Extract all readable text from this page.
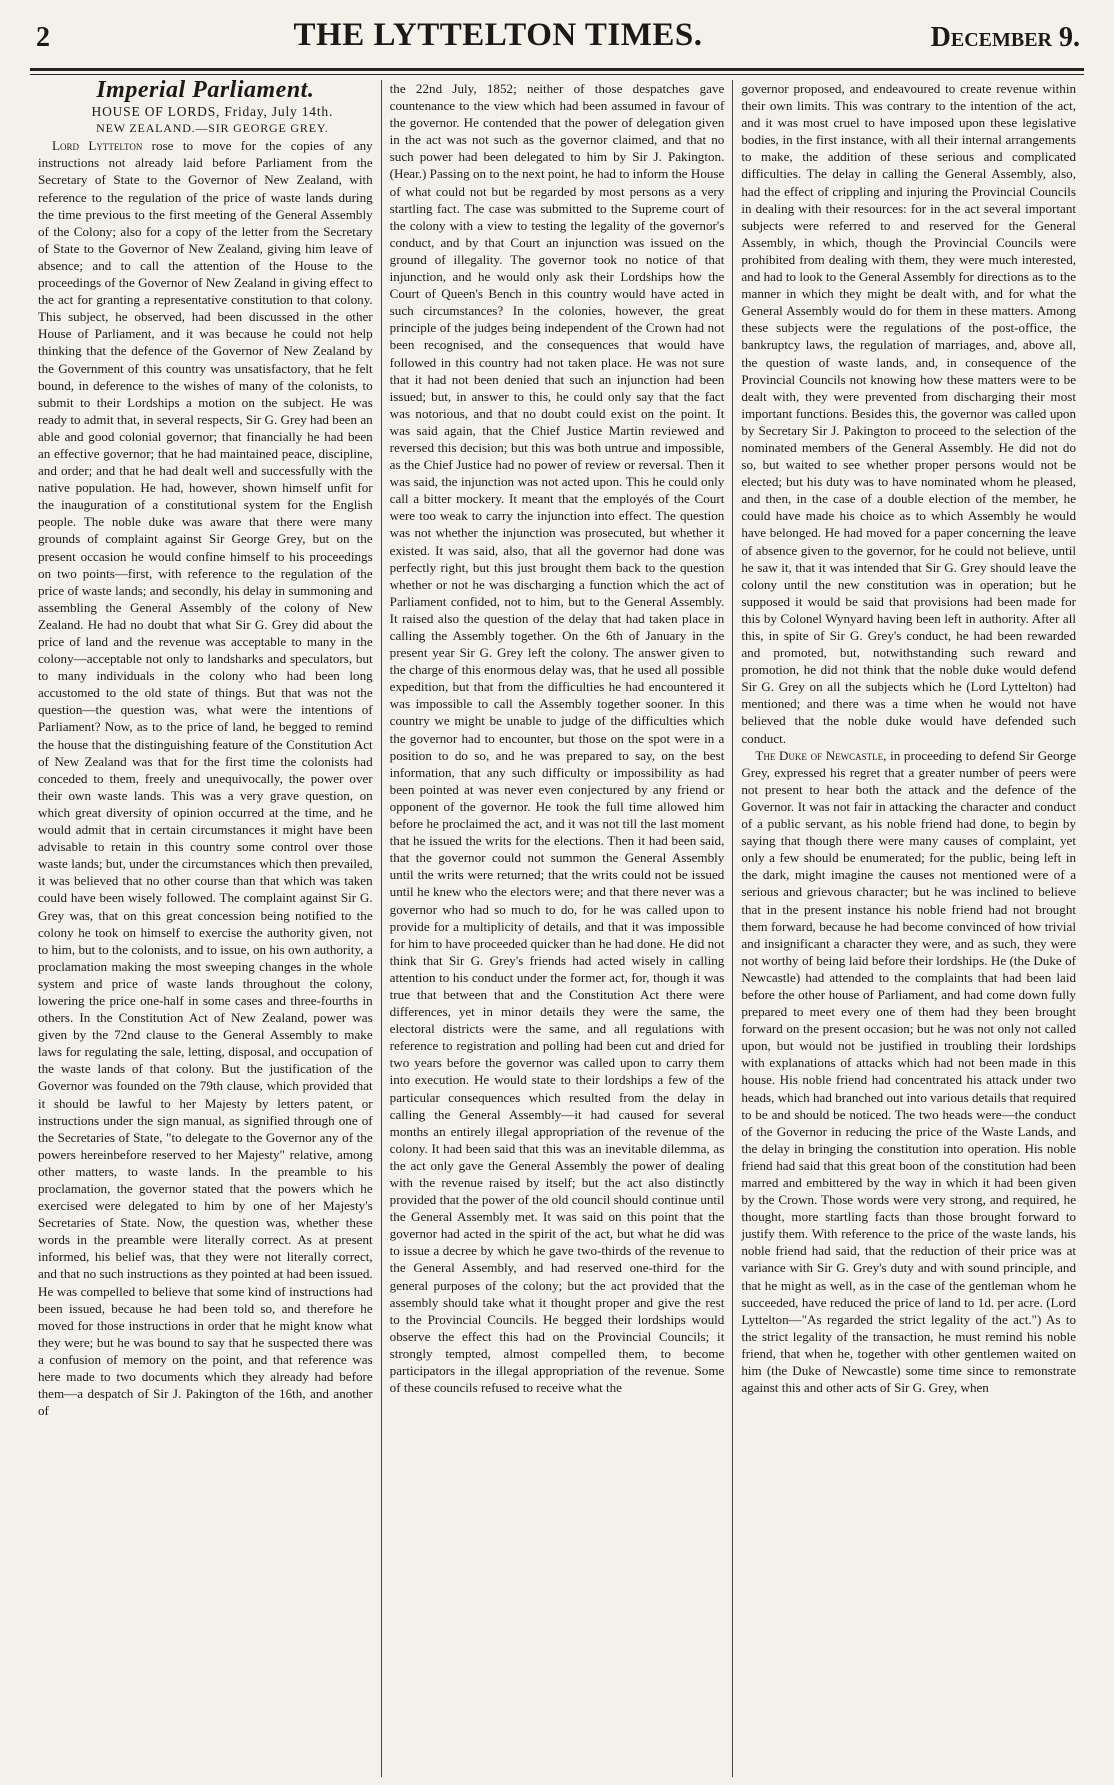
2	THE LYTTELTON TIMES.	December 9.
Imperial Parliament.

HOUSE OF LORDS, Friday, July 14th.

NEW ZEALAND.—SIR GEORGE GREY.

Lord Lyttelton rose to move for the copies of any instructions not already laid before Parliament from the Secretary of State to the Governor of New Zealand, with reference to the regulation of the price of waste lands during the time previous to the first meeting of the General Assembly of the Colony; also for a copy of the letter from the Secretary of State to the Governor of New Zealand, giving him leave of absence; and to call the attention of the House to the proceedings of the Governor of New Zealand in giving effect to the act for granting a representative constitution to that colony. This subject, he observed, had been discussed in the other House of Parliament, and it was because he could not help thinking that the defence of the Governor of New Zealand by the Government of this country was unsatisfactory, that he felt bound, in deference to the wishes of many of the colonists, to submit to their Lordships a motion on the subject. He was ready to admit that, in several respects, Sir G. Grey had been an able and good colonial governor; that financially he had been an effective governor; that he had maintained peace, discipline, and order; and that he had dealt well and successfully with the native population. He had, however, shown himself unfit for the inauguration of a constitutional system for the English people. The noble duke was aware that there were many grounds of complaint against Sir George Grey, but on the present occasion he would confine himself to his proceedings on two points—first, with reference to the regulation of the price of waste lands; and secondly, his delay in summoning and assembling the General Assembly of the colony of New Zealand. He had no doubt that what Sir G. Grey did about the price of land and the revenue was acceptable to many in the colony—acceptable not only to landsharks and speculators, but to many individuals in the colony who had been long accustomed to the old state of things. But that was not the question—the question was, what were the intentions of Parliament? Now, as to the price of land, he begged to remind the house that the distinguishing feature of the Constitution Act of New Zealand was that for the first time the colonists had conceded to them, freely and unequivocally, the power over their own waste lands. This was a very grave question, on which great diversity of opinion occurred at the time, and he would admit that in certain circumstances it might have been advisable to retain in this country some control over those waste lands; but, under the circumstances which then prevailed, it was believed that no other course than that which was taken could have been wisely followed. The complaint against Sir G. Grey was, that on this great concession being notified to the colony he took on himself to exercise the authority given, not to him, but to the colonists, and to issue, on his own authority, a proclamation making the most sweeping changes in the whole system and price of waste lands throughout the colony, lowering the price one-half in some cases and three-fourths in others. In the Constitution Act of New Zealand, power was given by the 72nd clause to the General Assembly to make laws for regulating the sale, letting, disposal, and occupation of the waste lands of that colony. But the justification of the Governor was founded on the 79th clause, which provided that it should be lawful to her Majesty by letters patent, or instructions under the sign manual, as signified through one of the Secretaries of State, "to delegate to the Governor any of the powers hereinbefore reserved to her Majesty" relative, among other matters, to waste lands. In the preamble to his proclamation, the governor stated that the powers which he exercised were delegated to him by one of her Majesty's Secretaries of State. Now, the question was, whether these words in the preamble were literally correct. As at present informed, his belief was, that they were not literally correct, and that no such instructions as they pointed at had been issued. He was compelled to believe that some kind of instructions had been issued, because he had been told so, and therefore he moved for those instructions in order that he might know what they were; but he was bound to say that he suspected there was a confusion of memory on the point, and that reference was here made to two documents which they already had before them—a despatch of Sir J. Pakington of the 16th, and another of

the 22nd July, 1852; neither of those despatches gave countenance to the view which had been assumed in favour of the governor. He contended that the power of delegation given in the act was not such as the governor claimed, and that no such power had been delegated to him by Sir J. Pakington. (Hear.) Passing on to the next point, he had to inform the House of what could not but be regarded by most persons as a very startling fact. The case was submitted to the Supreme court of the colony with a view to testing the legality of the governor's conduct, and by that Court an injunction was issued on the ground of illegality. The governor took no notice of that injunction, and he would only ask their Lordships how the Court of Queen's Bench in this country would have acted in such circumstances? In the colonies, however, the great principle of the judges being independent of the Crown had not been recognised, and the consequences that would have followed in this country had not taken place. He was not sure that it had not been denied that such an injunction had been issued; but, in answer to this, he could only say that the fact was notorious, and that no doubt could exist on the point. It was said again, that the Chief Justice Martin reviewed and reversed this decision; but this was both untrue and impossible, as the Chief Justice had no power of review or reversal. Then it was said, the injunction was not acted upon. This he could only call a bitter mockery. It meant that the employés of the Court were too weak to carry the injunction into effect. The question was not whether the injunction was prosecuted, but whether it existed. It was said, also, that all the governor had done was perfectly right, but this just brought them back to the question whether or not he was discharging a function which the act of Parliament confided, not to him, but to the General Assembly. It raised also the question of the delay that had taken place in calling the Assembly together. On the 6th of January in the present year Sir G. Grey left the colony. The answer given to the charge of this enormous delay was, that he used all possible expedition, but that from the difficulties he had encountered it was impossible to call the Assembly together sooner. In this country we might be unable to judge of the difficulties which the governor had to encounter, but those on the spot were in a position to do so, and he was prepared to say, on the best information, that any such difficulty or impossibility as had been pointed at was never even conjectured by any friend or opponent of the governor. He took the full time allowed him before he proclaimed the act, and it was not till the last moment that he issued the writs for the elections. Then it had been said, that the governor could not summon the General Assembly until the writs were returned; that the writs could not be issued until he knew who the electors were; and that there never was a governor who had so much to do, for he was called upon to provide for a multiplicity of details, and that it was impossible for him to have proceeded quicker than he had done. He did not think that Sir G. Grey's friends had acted wisely in calling attention to his conduct under the former act, for, though it was true that between that and the Constitution Act there were differences, yet in minor details they were the same, the electoral districts were the same, and all regulations with reference to registration and polling had been cut and dried for two years before the governor was called upon to carry them into execution. He would state to their lordships a few of the particular consequences which resulted from the delay in calling the General Assembly—it had caused for several months an entirely illegal appropriation of the revenue of the colony. It had been said that this was an inevitable dilemma, as the act only gave the General Assembly the power of dealing with the revenue raised by itself; but the act also distinctly provided that the power of the old council should continue until the General Assembly met. It was said on this point that the governor had acted in the spirit of the act, but what he did was to issue a decree by which he gave two-thirds of the revenue to the General Assembly, and had reserved one-third for the general purposes of the colony; but the act provided that the assembly should take what it thought proper and give the rest to the Provincial Councils. He begged their lordships would observe the effect this had on the Provincial Councils; it strongly tempted, almost compelled them, to become participators in the illegal appropriation of the revenue. Some of these councils refused to receive what the

governor proposed, and endeavoured to create revenue within their own limits. This was contrary to the intention of the act, and it was most cruel to have imposed upon these legislative bodies, in the first instance, with all their internal arrangements to make, the addition of these serious and complicated difficulties. The delay in calling the General Assembly, also, had the effect of crippling and injuring the Provincial Councils in dealing with their resources: for in the act several important subjects were referred to and reserved for the General Assembly, in which, though the Provincial Councils were prohibited from dealing with them, they were much interested, and had to look to the General Assembly for directions as to the manner in which they might be dealt with, and for what the General Assembly would do for them in these matters. Among these subjects were the regulations of the post-office, the bankruptcy laws, the regulation of marriages, and, above all, the question of waste lands, and, in consequence of the Provincial Councils not knowing how these matters were to be dealt with, they were prevented from discharging their most important functions. Besides this, the governor was called upon by Secretary Sir J. Pakington to proceed to the selection of the nominated members of the General Assembly. He did not do so, but waited to see whether proper persons would not be elected; but his duty was to have nominated whom he pleased, and then, in the case of a double election of the member, he could have made his choice as to which Assembly he would have belonged. He had moved for a paper concerning the leave of absence given to the governor, for he could not believe, until he saw it, that it was intended that Sir G. Grey should leave the colony until the new constitution was in operation; but he supposed it would be said that provisions had been made for this by Colonel Wynyard having been left in authority. After all this, in spite of Sir G. Grey's conduct, he had been rewarded and promoted, but, notwithstanding such reward and promotion, he did not think that the noble duke would defend Sir G. Grey on all the subjects which he (Lord Lyttelton) had mentioned; and there was a time when he would not have believed that the noble duke would have defended such conduct.

The Duke of Newcastle, in proceeding to defend Sir George Grey, expressed his regret that a greater number of peers were not present to hear both the attack and the defence of the Governor. It was not fair in attacking the character and conduct of a public servant, as his noble friend had done, to begin by saying that though there were many causes of complaint, yet only a few should be enumerated; for the public, being left in the dark, might imagine the causes not mentioned were of a serious and grievous character; but he was inclined to believe that in the present instance his noble friend had not brought them forward, because he had become convinced of how trivial and insignificant a character they were, and as such, they were not worthy of being laid before their lordships. He (the Duke of Newcastle) had attended to the complaints that had been laid before the other house of Parliament, and had come down fully prepared to meet every one of them had they been brought forward on the present occasion; but he was not only not called upon, but would not be justified in troubling their lordships with explanations of attacks which had not been made in this house. His noble friend had concentrated his attack under two heads, which had branched out into various details that required to be and should be noticed. The two heads were—the conduct of the Governor in reducing the price of the Waste Lands, and the delay in bringing the constitution into operation. His noble friend had said that this great boon of the constitution had been marred and embittered by the way in which it had been given by the Crown. Those words were very strong, and required, he thought, more startling facts than those brought forward to justify them. With reference to the price of the waste lands, his noble friend had said, that the reduction of their price was at variance with Sir G. Grey's duty and with sound principle, and that he might as well, as in the case of the gentleman whom he succeeded, have reduced the price of land to 1d. per acre. (Lord Lyttelton—"As regarded the strict legality of the act.") As to the strict legality of the transaction, he must remind his noble friend, that when he, together with other gentlemen waited on him (the Duke of Newcastle) some time since to remonstrate against this and other acts of Sir G. Grey, when
